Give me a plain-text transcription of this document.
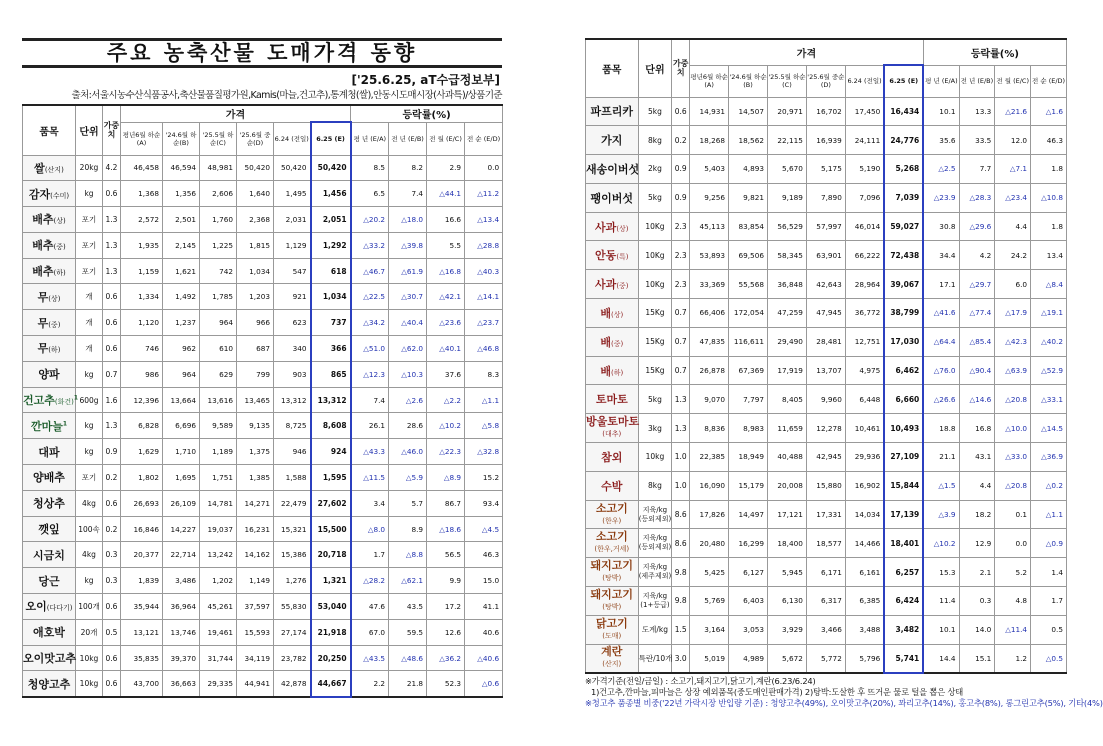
주요 농축산물 도매가격 동향
['25.6.25, aT수급정보부]
출처:서울시농수산식품공사,축산물품질평가원,Kamis(마늘,건고추),통계청(쌀),안동시도매시장(사과특)/상품기준
품목	단위	가중치	가격						등락률(%)			
			평년6월 하순(A)	'24.6월 하순(B)	'25.5월 하순(C)	'25.6월 중순(D)	6.24 (전일)	6.25 (E)	평 년 (E/A)	전 년 (E/B)	전 월 (E/C)	전 순 (E/D)
쌀(산지)	20kg	4.2	46,458	46,594	48,981	50,420	50,420	50,420	8.5	8.2	2.9	0.0
감자(수미)	kg	0.6	1,368	1,356	2,606	1,640	1,495	1,456	6.5	7.4	△44.1	△11.2
배추(상)	포기	1.3	2,572	2,501	1,760	2,368	2,031	2,051	△20.2	△18.0	16.6	△13.4
배추(중)	포기	1.3	1,935	2,145	1,225	1,815	1,129	1,292	△33.2	△39.8	5.5	△28.8
배추(하)	포기	1.3	1,159	1,621	742	1,034	547	618	△46.7	△61.9	△16.8	△40.3
무(상)	개	0.6	1,334	1,492	1,785	1,203	921	1,034	△22.5	△30.7	△42.1	△14.1
무(중)	개	0.6	1,120	1,237	964	966	623	737	△34.2	△40.4	△23.6	△23.7
무(하)	개	0.6	746	962	610	687	340	366	△51.0	△62.0	△40.1	△46.8
양파	kg	0.7	986	964	629	799	903	865	△12.3	△10.3	37.6	8.3
건고추(화건)$^1$	600g	1.6	12,396	13,664	13,616	13,465	13,312	13,312	7.4	△2.6	△2.2	△1.1
깐마늘$^1$	kg	1.3	6,828	6,696	9,589	9,135	8,725	8,608	26.1	28.6	△10.2	△5.8
대파	kg	0.9	1,629	1,710	1,189	1,375	946	924	△43.3	△46.0	△22.3	△32.8
양배추	포기	0.2	1,802	1,695	1,751	1,385	1,588	1,595	△11.5	△5.9	△8.9	15.2
청상추	4kg	0.6	26,693	26,109	14,781	14,271	22,479	27,602	3.4	5.7	86.7	93.4
깻잎	100속	0.2	16,846	14,227	19,037	16,231	15,321	15,500	△8.0	8.9	△18.6	△4.5
시금치	4kg	0.3	20,377	22,714	13,242	14,162	15,386	20,718	1.7	△8.8	56.5	46.3
당근	kg	0.3	1,839	3,486	1,202	1,149	1,276	1,321	△28.2	△62.1	9.9	15.0
오이(다다기)	100개	0.6	35,944	36,964	45,261	37,597	55,830	53,040	47.6	43.5	17.2	41.1
애호박	20개	0.5	13,121	13,746	19,461	15,593	27,174	21,918	67.0	59.5	12.6	40.6
오이맛고추	10kg	0.6	35,835	39,370	31,744	34,119	23,782	20,250	△43.5	△48.6	△36.2	△40.6
청양고추	10kg	0.6	43,700	36,663	29,335	44,941	42,878	44,667	2.2	21.8	52.3	△0.6
품목	단위	가중치	가격						등락률(%)			
			평년6월 하순(A)	'24.6월 하순(B)	'25.5월 하순(C)	'25.6월 중순(D)	6.24 (전일)	6.25 (E)	평 년 (E/A)	전 년 (E/B)	전 월 (E/C)	전 순 (E/D)
파프리카	5kg	0.6	14,931	14,507	20,971	16,702	17,450	16,434	10.1	13.3	△21.6	△1.6
가지	8kg	0.2	18,268	18,562	22,115	16,939	24,111	24,776	35.6	33.5	12.0	46.3
새송이버섯	2kg	0.9	5,403	4,893	5,670	5,175	5,190	5,268	△2.5	7.7	△7.1	1.8
팽이버섯	5kg	0.9	9,256	9,821	9,189	7,890	7,096	7,039	△23.9	△28.3	△23.4	△10.8
사과(상)	10Kg	2.3	45,113	83,854	56,529	57,997	46,014	59,027	30.8	△29.6	4.4	1.8
안동(특)	10Kg	2.3	53,893	69,506	58,345	63,901	66,222	72,438	34.4	4.2	24.2	13.4
사과(중)	10Kg	2.3	33,369	55,568	36,848	42,643	28,964	39,067	17.1	△29.7	6.0	△8.4
배(상)	15Kg	0.7	66,406	172,054	47,259	47,945	36,772	38,799	△41.6	△77.4	△17.9	△19.1
배(중)	15Kg	0.7	47,835	116,611	29,490	28,481	12,751	17,030	△64.4	△85.4	△42.3	△40.2
배(하)	15Kg	0.7	26,878	67,369	17,919	13,707	4,975	6,462	△76.0	△90.4	△63.9	△52.9
토마토	5kg	1.3	9,070	7,797	8,405	9,960	6,448	6,660	△26.6	△14.6	△20.8	△33.1
방울토마토
(대추)	3kg	1.3	8,836	8,983	11,659	12,278	10,461	10,493	18.8	16.8	△10.0	△14.5
참외	10kg	1.0	22,385	18,949	40,488	42,945	29,936	27,109	21.1	43.1	△33.0	△36.9
수박	8kg	1.0	16,090	15,179	20,008	15,880	16,902	15,844	△1.5	4.4	△20.8	△0.2
소고기
(한우)	지육/kg (등외제외)	8.6	17,826	14,497	17,121	17,331	14,034	17,139	△3.9	18.2	0.1	△1.1
소고기
(한우,거세)	지육/kg (등외제외)	8.6	20,480	16,299	18,400	18,577	14,466	18,401	△10.2	12.9	0.0	△0.9
돼지고기
(탕박)	지육/kg (제주제외)	9.8	5,425	6,127	5,945	6,171	6,161	6,257	15.3	2.1	5.2	1.4
돼지고기
(탕박)	지육/kg (1+등급)	9.8	5,769	6,403	6,130	6,317	6,385	6,424	11.4	0.3	4.8	1.7
닭고기
(도매)	도계/kg	1.5	3,164	3,053	3,929	3,466	3,488	3,482	10.1	14.0	△11.4	0.5
계란
(산지)	특란/10개	3.0	5,019	4,989	5,672	5,772	5,796	5,741	14.4	15.1	1.2	△0.5
※가격기준(전일/금일) : 소고기,돼지고기,닭고기,계란(6.23/6.24)
1)건고추,깐마늘,피마늘은 상장 예외품목(중도매인판매가격) 2)탕박:도살한 후 뜨거운 물로 털을 뽑은 상태
※청고추 품종별 비중('22년 가락시장 반입량 기준) : 청양고추(49%), 오이맛고추(20%), 꽈리고추(14%), 홍고추(8%), 롱그린고추(5%), 기타(4%)
